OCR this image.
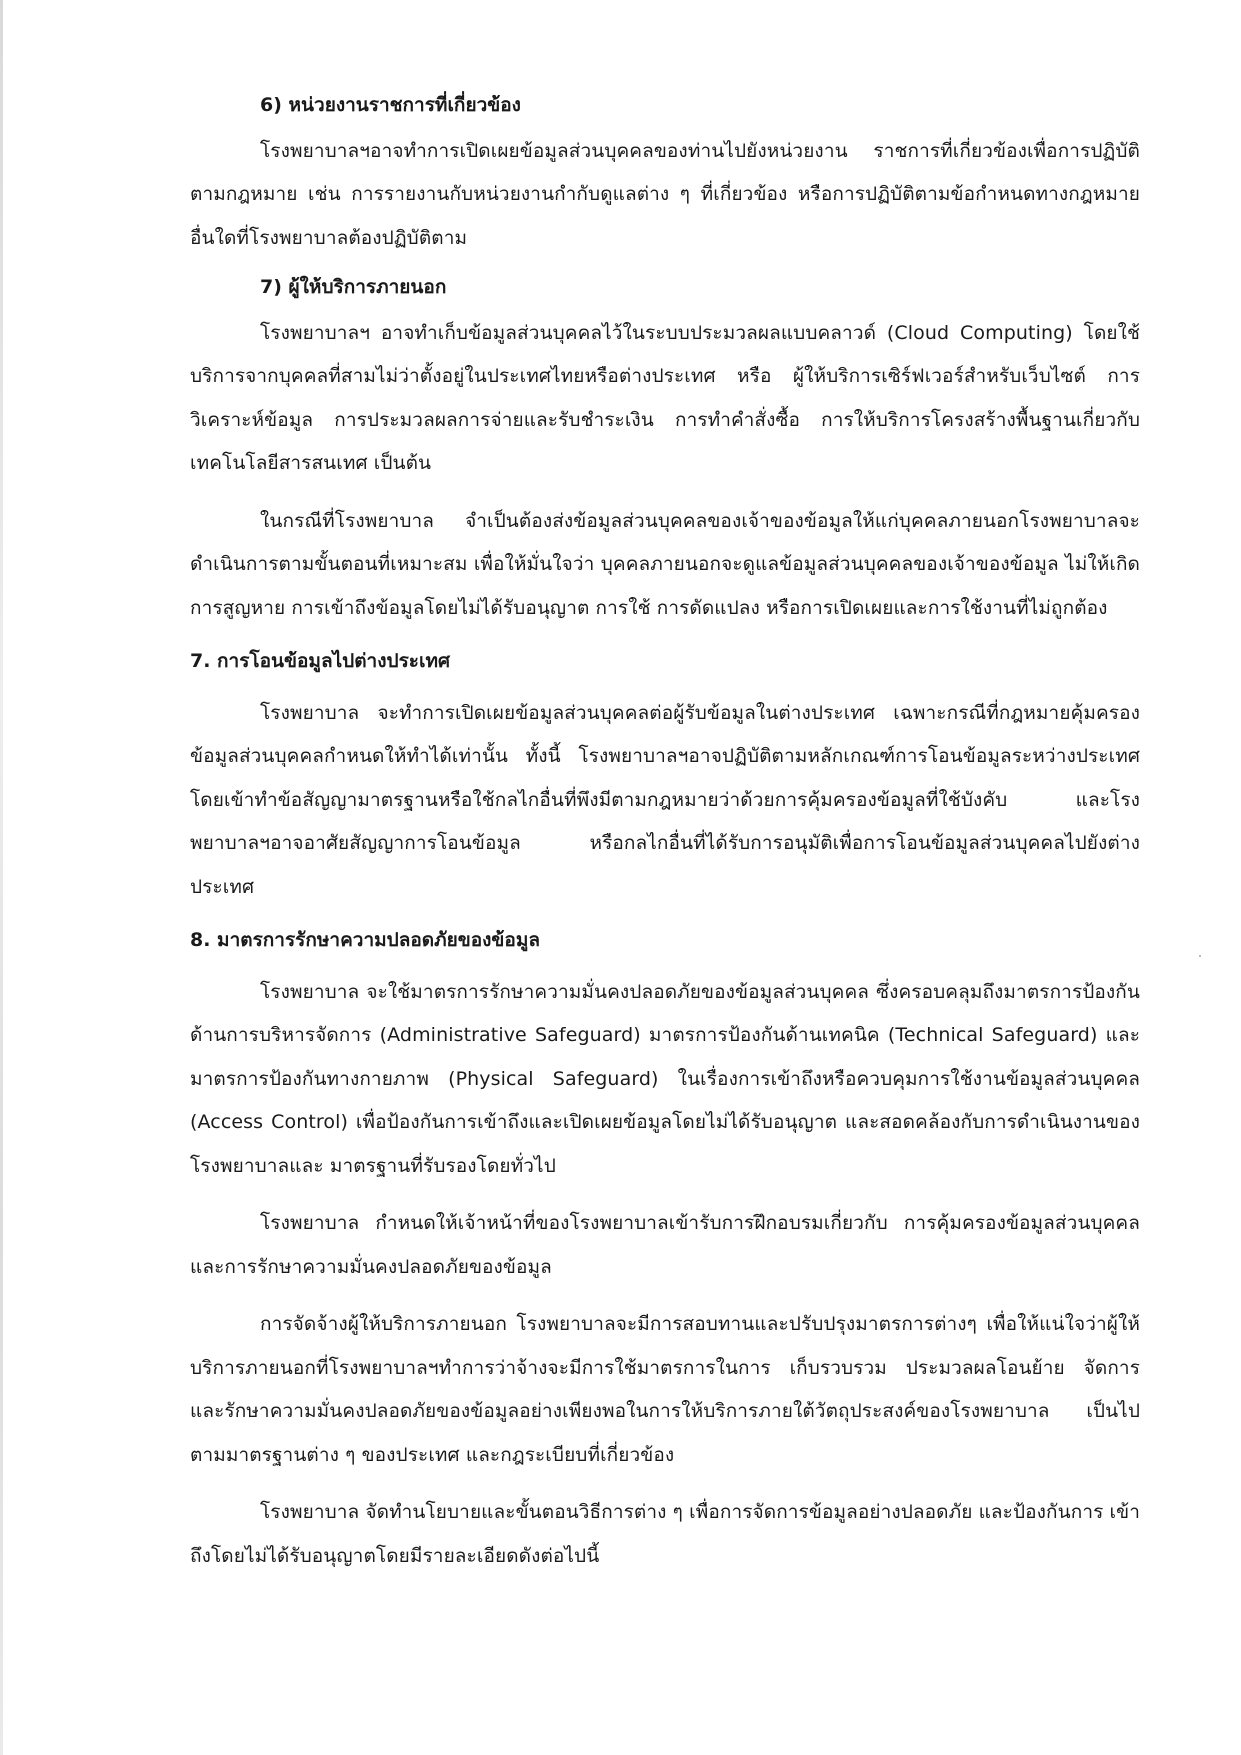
6) หน่วยงานราชการที่เกี่ยวข้อง

โรงพยาบาลฯอาจทำการเปิดเผยข้อมูลส่วนบุคคลของท่านไปยังหน่วยงาน ราชการที่เกี่ยวข้องเพื่อการปฏิบัติตามกฎหมาย เช่น การรายงานกับหน่วยงานกำกับดูแลต่าง ๆ ที่เกี่ยวข้อง หรือการปฏิบัติตามข้อกำหนดทางกฎหมายอื่นใดที่โรงพยาบาลต้องปฏิบัติตาม

7) ผู้ให้บริการภายนอก

โรงพยาบาลฯ อาจทำเก็บข้อมูลส่วนบุคคลไว้ในระบบประมวลผลแบบคลาวด์ (Cloud Computing) โดยใช้บริการจากบุคคลที่สามไม่ว่าตั้งอยู่ในประเทศไทยหรือต่างประเทศ หรือ ผู้ให้บริการเซิร์ฟเวอร์สำหรับเว็บไซต์ การวิเคราะห์ข้อมูล การประมวลผลการจ่ายและรับชำระเงิน การทำคำสั่งซื้อ การให้บริการโครงสร้างพื้นฐานเกี่ยวกับเทคโนโลยีสารสนเทศ เป็นต้น

ในกรณีที่โรงพยาบาล จำเป็นต้องส่งข้อมูลส่วนบุคคลของเจ้าของข้อมูลให้แก่บุคคลภายนอกโรงพยาบาลจะดำเนินการตามขั้นตอนที่เหมาะสม เพื่อให้มั่นใจว่า บุคคลภายนอกจะดูแลข้อมูลส่วนบุคคลของเจ้าของข้อมูล ไม่ให้เกิด การสูญหาย การเข้าถึงข้อมูลโดยไม่ได้รับอนุญาต การใช้ การดัดแปลง หรือการเปิดเผยและการใช้งานที่ไม่ถูกต้อง

7. การโอนข้อมูลไปต่างประเทศ

โรงพยาบาล จะทำการเปิดเผยข้อมูลส่วนบุคคลต่อผู้รับข้อมูลในต่างประเทศ เฉพาะกรณีที่กฎหมายคุ้มครอง ข้อมูลส่วนบุคคลกำหนดให้ทำได้เท่านั้น ทั้งนี้ โรงพยาบาลฯอาจปฏิบัติตามหลักเกณฑ์การโอนข้อมูลระหว่างประเทศ โดยเข้าทำข้อสัญญามาตรฐานหรือใช้กลไกอื่นที่พึงมีตามกฎหมายว่าด้วยการคุ้มครองข้อมูลที่ใช้บังคับ และโรงพยาบาลฯอาจอาศัยสัญญาการโอนข้อมูล หรือกลไกอื่นที่ได้รับการอนุมัติเพื่อการโอนข้อมูลส่วนบุคคลไปยังต่างประเทศ

8. มาตรการรักษาความปลอดภัยของข้อมูล

โรงพยาบาล จะใช้มาตรการรักษาความมั่นคงปลอดภัยของข้อมูลส่วนบุคคล ซึ่งครอบคลุมถึงมาตรการป้องกัน ด้านการบริหารจัดการ (Administrative Safeguard) มาตรการป้องกันด้านเทคนิค (Technical Safeguard) และ มาตรการป้องกันทางกายภาพ (Physical Safeguard) ในเรื่องการเข้าถึงหรือควบคุมการใช้งานข้อมูลส่วนบุคคล (Access Control) เพื่อป้องกันการเข้าถึงและเปิดเผยข้อมูลโดยไม่ได้รับอนุญาต และสอดคล้องกับการดำเนินงานของโรงพยาบาลและ มาตรฐานที่รับรองโดยทั่วไป

โรงพยาบาล กำหนดให้เจ้าหน้าที่ของโรงพยาบาลเข้ารับการฝึกอบรมเกี่ยวกับ การคุ้มครองข้อมูลส่วนบุคคลและการรักษาความมั่นคงปลอดภัยของข้อมูล

การจัดจ้างผู้ให้บริการภายนอก โรงพยาบาลจะมีการสอบทานและปรับปรุงมาตรการต่างๆ เพื่อให้แน่ใจว่าผู้ให้บริการภายนอกที่โรงพยาบาลฯทำการว่าจ้างจะมีการใช้มาตรการในการ เก็บรวบรวม ประมวลผลโอนย้าย จัดการ และรักษาความมั่นคงปลอดภัยของข้อมูลอย่างเพียงพอในการให้บริการภายใต้วัตถุประสงค์ของโรงพยาบาล เป็นไปตามมาตรฐานต่าง ๆ ของประเทศ และกฎระเบียบที่เกี่ยวข้อง

โรงพยาบาล จัดทำนโยบายและขั้นตอนวิธีการต่าง ๆ เพื่อการจัดการข้อมูลอย่างปลอดภัย และป้องกันการ เข้าถึงโดยไม่ได้รับอนุญาตโดยมีรายละเอียดดังต่อไปนี้
